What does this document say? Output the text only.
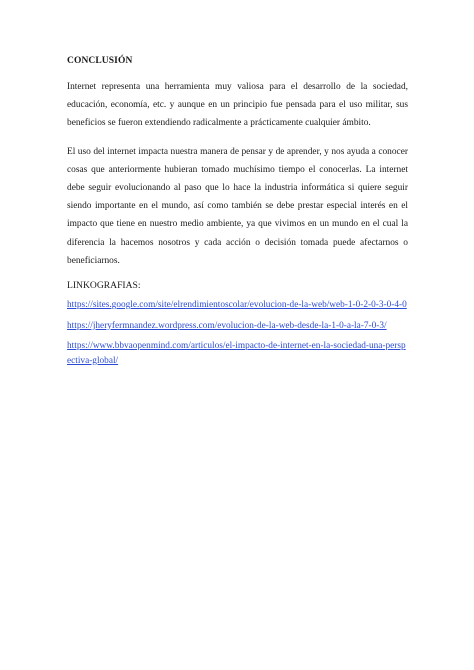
CONCLUSIÓN

Internet representa una herramienta muy valiosa para el desarrollo de la sociedad, educación, economía, etc. y aunque en un principio fue pensada para el uso militar, sus beneficios se fueron extendiendo radicalmente a prácticamente cualquier ámbito.

El uso del internet impacta nuestra manera de pensar y de aprender, y nos ayuda a conocer cosas que anteriormente hubieran tomado muchísimo tiempo el conocerlas. La internet debe seguir evolucionando al paso que lo hace la industria informática si quiere seguir siendo importante en el mundo, así como también se debe prestar especial interés en el impacto que tiene en nuestro medio ambiente, ya que vivimos en un mundo en el cual la diferencia la hacemos nosotros y cada acción o decisión tomada puede afectarnos o beneficiarnos.

LINKOGRAFIAS:
https://sites.google.com/site/elrendimientoscolar/evolucion-de-la-web/web-1-0-2-0-3-0-4-0
https://jheryfermnandez.wordpress.com/evolucion-de-la-web-desde-la-1-0-a-la-7-0-3/
https://www.bbvaopenmind.com/articulos/el-impacto-de-internet-en-la-sociedad-una-perspectiva-global/
